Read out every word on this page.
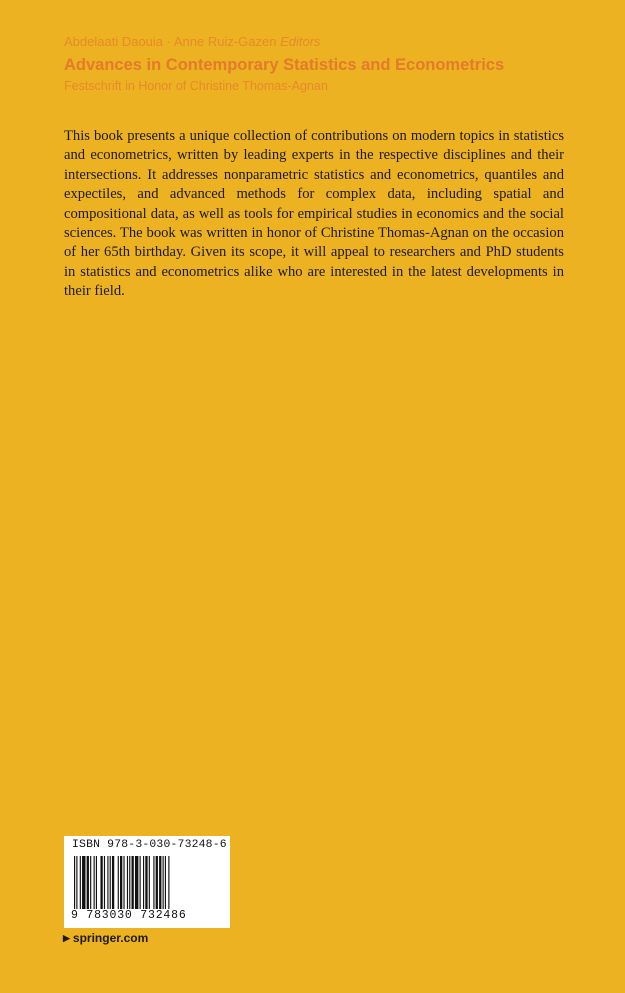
Abdelaati Daouia · Anne Ruiz-Gazen Editors
Advances in Contemporary Statistics and Econometrics
Festschrift in Honor of Christine Thomas-Agnan

This book presents a unique collection of contributions on modern topics in statistics and econometrics, written by leading experts in the respective disciplines and their intersections. It addresses nonparametric statistics and econometrics, quantiles and expectiles, and advanced methods for complex data, including spatial and compositional data, as well as tools for empirical studies in economics and the social sciences. The book was written in honor of Christine Thomas-Agnan on the occasion of her 65th birthday. Given its scope, it will appeal to researchers and PhD students in statistics and econometrics alike who are interested in the latest developments in their field.

ISBN 978-3-030-73248-6
9 783030 732486
▶ springer.com
